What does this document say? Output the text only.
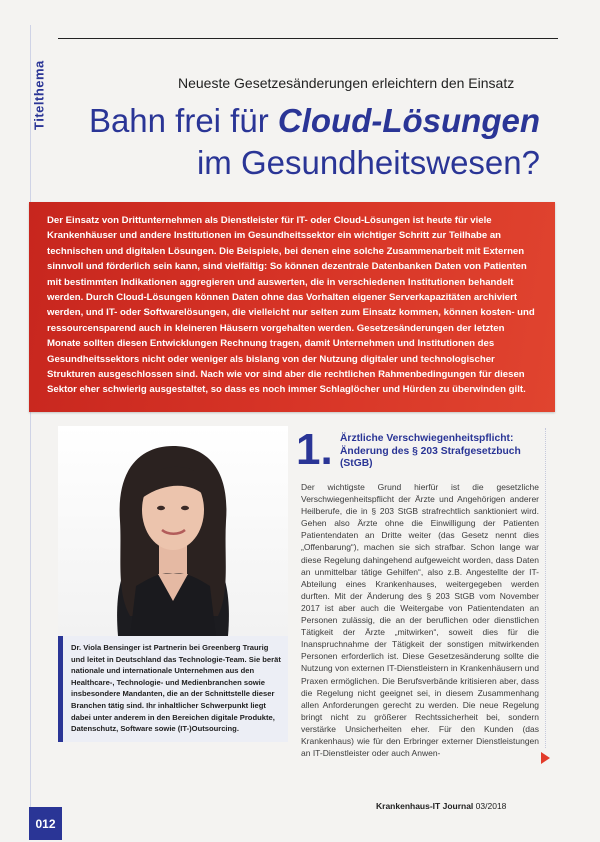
Titelthema	Neueste Gesetzesänderungen erleichtern den Einsatz
Bahn frei für Cloud-Lösungen
im Gesundheitswesen?

Der Einsatz von Drittunternehmen als Dienstleister für IT- oder Cloud-Lösungen ist heute für viele Krankenhäuser und andere Institutionen im Gesundheitssektor ein wichtiger Schritt zur Teilhabe an technischen und digitalen Lösungen. Die Beispiele, bei denen eine solche Zusammenarbeit mit Externen sinnvoll und förderlich sein kann, sind vielfältig: So können dezentrale Datenbanken Daten von Patienten mit bestimmten Indikationen aggregieren und auswerten, die in verschiedenen Institutionen behandelt werden. Durch Cloud-Lösungen können Daten ohne das Vorhalten eigener Serverkapazitäten archiviert werden, und IT- oder Softwarelösungen, die vielleicht nur selten zum Einsatz kommen, können kosten- und ressourcensparend auch in kleineren Häusern vorgehalten werden. Gesetzesänderungen der letzten Monate sollten diesen Entwicklungen Rechnung tragen, damit Unternehmen und Institutionen des Gesundheitssektors nicht oder weniger als bislang von der Nutzung digitaler und technologischer Strukturen ausgeschlossen sind. Nach wie vor sind aber die rechtlichen Rahmenbedingungen für diesen Sektor eher schwierig ausgestaltet, so dass es noch immer Schlaglöcher und Hürden zu überwinden gilt.

Dr. Viola Bensinger ist Partnerin bei Greenberg Traurig und leitet in Deutschland das Technologie-Team. Sie berät nationale und internationale Unternehmen aus den Healthcare-, Technologie- und Medienbranchen sowie insbesondere Mandanten, die an der Schnittstelle dieser Branchen tätig sind. Ihr inhaltlicher Schwerpunkt liegt dabei unter anderem in den Bereichen digitale Produkte, Datenschutz, Software sowie (IT-)Outsourcing.

1. Ärztliche Verschwiegenheitspflicht: Änderung des § 203 Strafgesetzbuch (StGB)

Der wichtigste Grund hierfür ist die gesetzliche Verschwiegenheitspflicht der Ärzte und Angehörigen anderer Heilberufe, die in § 203 StGB strafrechtlich sanktioniert wird. Gehen also Ärzte ohne die Einwilligung der Patienten Patientendaten an Dritte weiter (das Gesetz nennt dies „Offenbarung“), machen sie sich strafbar. Schon lange war diese Regelung dahingehend aufgeweicht worden, dass Daten an unmittelbar tätige Gehilfen“, also z.B. Angestellte der IT-Abteilung eines Krankenhauses, weitergegeben werden durften. Mit der Änderung des § 203 StGB vom November 2017 ist aber auch die Weitergabe von Patientendaten an Personen zulässig, die an der beruflichen oder dienstlichen Tätigkeit der Ärzte „mitwirken“, soweit dies für die Inanspruchnahme der Tätigkeit der sonstigen mitwirkenden Personen erforderlich ist. Diese Gesetzesänderung sollte die Nutzung von externen IT-Dienstleistern in Krankenhäusern und Praxen ermöglichen. Die Berufsverbände kritisieren aber, dass die Regelung nicht geeignet sei, in diesem Zusammenhang allen Anforderungen gerecht zu werden. Die neue Regelung bringt nicht zu größerer Rechtssicherheit bei, sondern verstärke Unsicherheiten eher. Für den Kunden (das Krankenhaus) wie für den Erbringer externer Dienstleistungen an IT-Dienstleister oder auch Anwen-

012
Krankenhaus-IT Journal 03/2018
